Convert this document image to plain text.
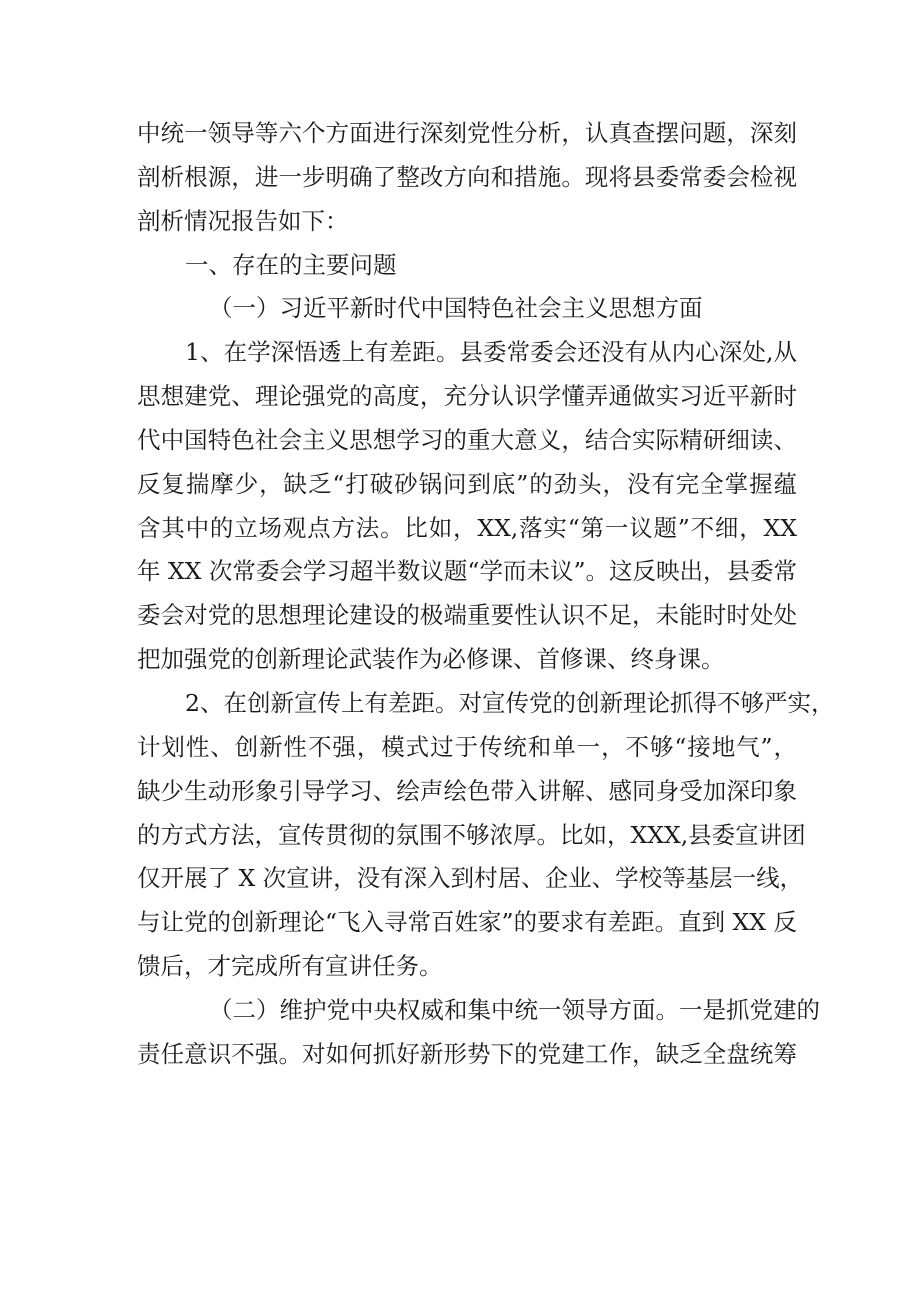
中统一领导等六个方面进行深刻党性分析，认真查摆问题，深刻
剖析根源，进一步明确了整改方向和措施。现将县委常委会检视
剖析情况报告如下：
一、存在的主要问题
（一）习近平新时代中国特色社会主义思想方面
1、在学深悟透上有差距。县委常委会还没有从内心深处,从
思想建党、理论强党的高度，充分认识学懂弄通做实习近平新时
代中国特色社会主义思想学习的重大意义，结合实际精研细读、
反复揣摩少，缺乏“打破砂锅问到底”的劲头，没有完全掌握蕴
含其中的立场观点方法。比如，XX,落实“第一议题”不细，XX
年 XX 次常委会学习超半数议题“学而未议”。这反映出，县委常
委会对党的思想理论建设的极端重要性认识不足，未能时时处处
把加强党的创新理论武装作为必修课、首修课、终身课。
2、在创新宣传上有差距。对宣传党的创新理论抓得不够严实，
计划性、创新性不强，模式过于传统和单一，不够“接地气”，
缺少生动形象引导学习、绘声绘色带入讲解、感同身受加深印象
的方式方法，宣传贯彻的氛围不够浓厚。比如，XXX,县委宣讲团
仅开展了 X 次宣讲，没有深入到村居、企业、学校等基层一线，
与让党的创新理论“飞入寻常百姓家”的要求有差距。直到 XX 反
馈后，才完成所有宣讲任务。
（二）维护党中央权威和集中统一领导方面。一是抓党建的
责任意识不强。对如何抓好新形势下的党建工作，缺乏全盘统筹
